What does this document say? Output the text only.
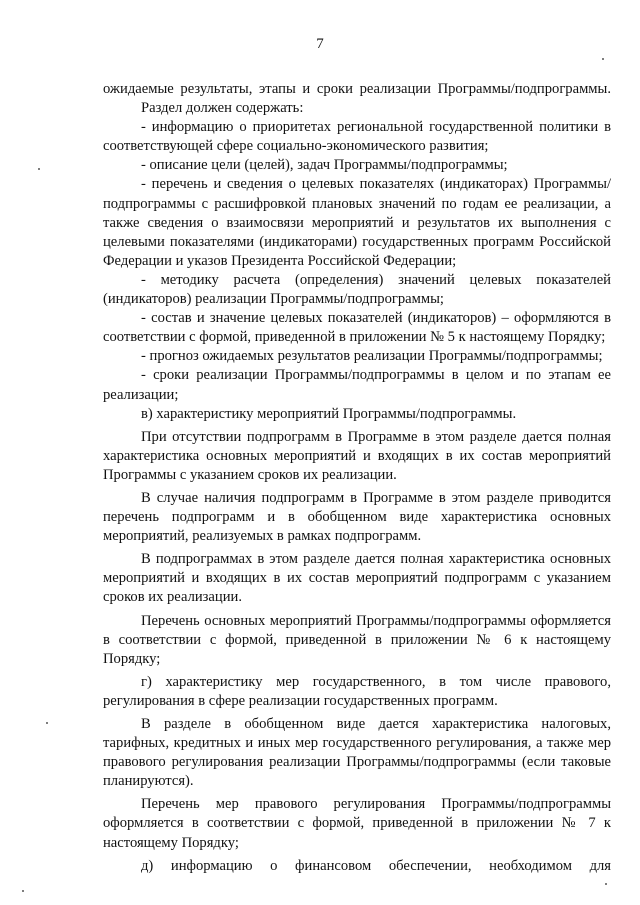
7

ожидаемые результаты, этапы и сроки реализации Программы/подпрограммы.

Раздел должен содержать:

- информацию о приоритетах региональной государственной политики в соответствующей сфере социально-экономического развития;

- описание цели (целей), задач Программы/подпрограммы;

- перечень и сведения о целевых показателях (индикаторах) Программы/подпрограммы с расшифровкой плановых значений по годам ее реализации, а также сведения о взаимосвязи мероприятий и результатов их выполнения с целевыми показателями (индикаторами) государственных программ Российской Федерации и указов Президента Российской Федерации;

- методику расчета (определения) значений целевых показателей (индикаторов) реализации Программы/подпрограммы;

- состав и значение целевых показателей (индикаторов) – оформляются в соответствии с формой, приведенной в приложении № 5 к настоящему Порядку;

- прогноз ожидаемых результатов реализации Программы/подпрограммы;

- сроки реализации Программы/подпрограммы в целом и по этапам ее реализации;

в) характеристику мероприятий Программы/подпрограммы.

При отсутствии подпрограмм в Программе в этом разделе дается полная характеристика основных мероприятий и входящих в их состав мероприятий Программы с указанием сроков их реализации.

В случае наличия подпрограмм в Программе в этом разделе приводится перечень подпрограмм и в обобщенном виде характеристика основных мероприятий, реализуемых в рамках подпрограмм.

В подпрограммах в этом разделе дается полная характеристика основных мероприятий и входящих в их состав мероприятий подпрограмм с указанием сроков их реализации.

Перечень основных мероприятий Программы/подпрограммы оформляется в соответствии с формой, приведенной в приложении № 6 к настоящему Порядку;

г) характеристику мер государственного, в том числе правового, регулирования в сфере реализации государственных программ.

В разделе в обобщенном виде дается характеристика налоговых, тарифных, кредитных и иных мер государственного регулирования, а также мер правового регулирования реализации Программы/подпрограммы (если таковые планируются).

Перечень мер правового регулирования Программы/подпрограммы оформляется в соответствии с формой, приведенной в приложении № 7 к настоящему Порядку;

д) информацию о финансовом обеспечении, необходимом для
